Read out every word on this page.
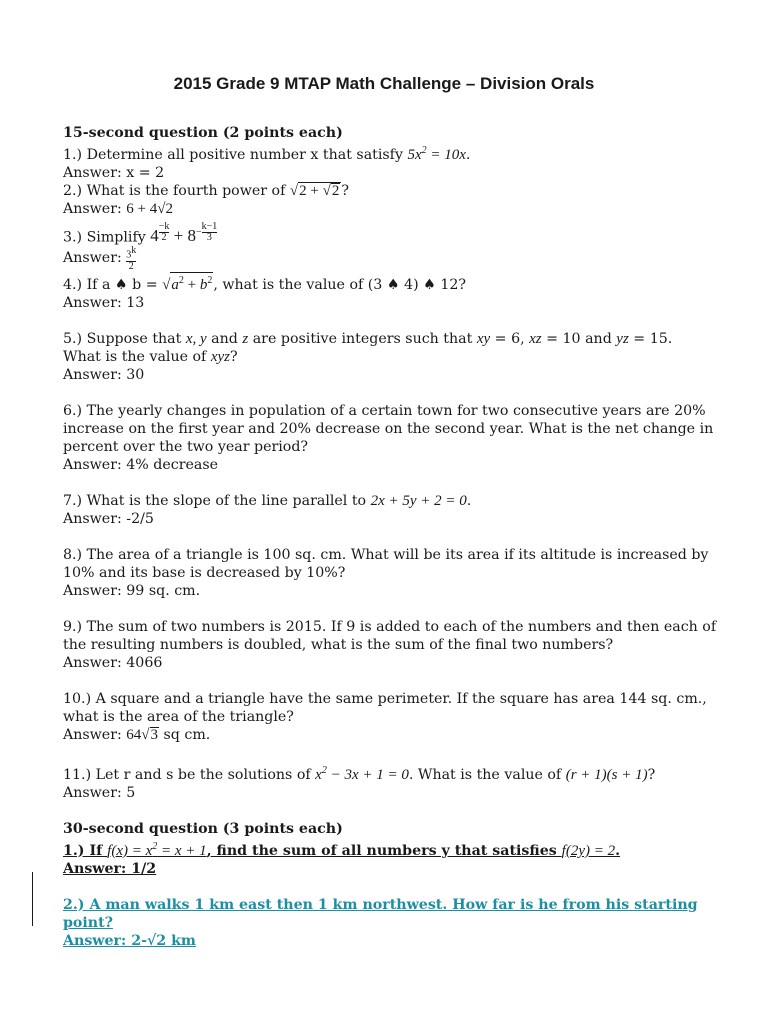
2015 Grade 9 MTAP Math Challenge – Division Orals
15-second question (2 points each)
1.) Determine all positive number x that satisfy $5x^2 = 10x$.
Answer: x = 2
2.) What is the fourth power of √2 + √2 ?
Answer: 6 + 4√2
3.) Simplify 4 $^{\frac{-k}{2}} + 8^{- \frac{k-1}{3}}$
Answer: $\frac{3^k}{2}$
4.) If a ♠ $b = √a^2 + b^2$, what is the value of (3 ♠ 4) ♠ 12?
Answer: 13
5.) Suppose that x, y and z are positive integers such that xy = 6, xz = 10 and yz = 15.
What is the value of xyz?
Answer: 30
6.) The yearly changes in population of a certain town for two consecutive years are 20% increase on the first year and 20% decrease on the second year. What is the net change in percent over the two year period?
Answer: 4% decrease
7.) What is the slope of the line parallel to 2x + 5y + 2 = 0.
Answer: -2/5
8.) The area of a triangle is 100 sq. cm. What will be its area if its altitude is increased by 10% and its base is decreased by 10%?
Answer: 99 sq. cm.
9.) The sum of two numbers is 2015. If 9 is added to each of the numbers and then each of the resulting numbers is doubled, what is the sum of the final two numbers?
Answer: 4066
10.) A square and a triangle have the same perimeter. If the square has area 144 sq. cm., what is the area of the triangle?
Answer: 64√3 sq cm.
11.) Let r and s be the solutions of $x^2 - 3x + 1 = 0$. What is the value of (r + 1)(s + 1)?
Answer: 5
30-second question (3 points each)
1.) If $f(x) = x^2 = x + 1$, find the sum of all numbers y that satisfies f(2y) = 2.
Answer: 1/2
2.) A man walks 1 km east then 1 km northwest. How far is he from his starting point?
Answer: 2-√2 km
